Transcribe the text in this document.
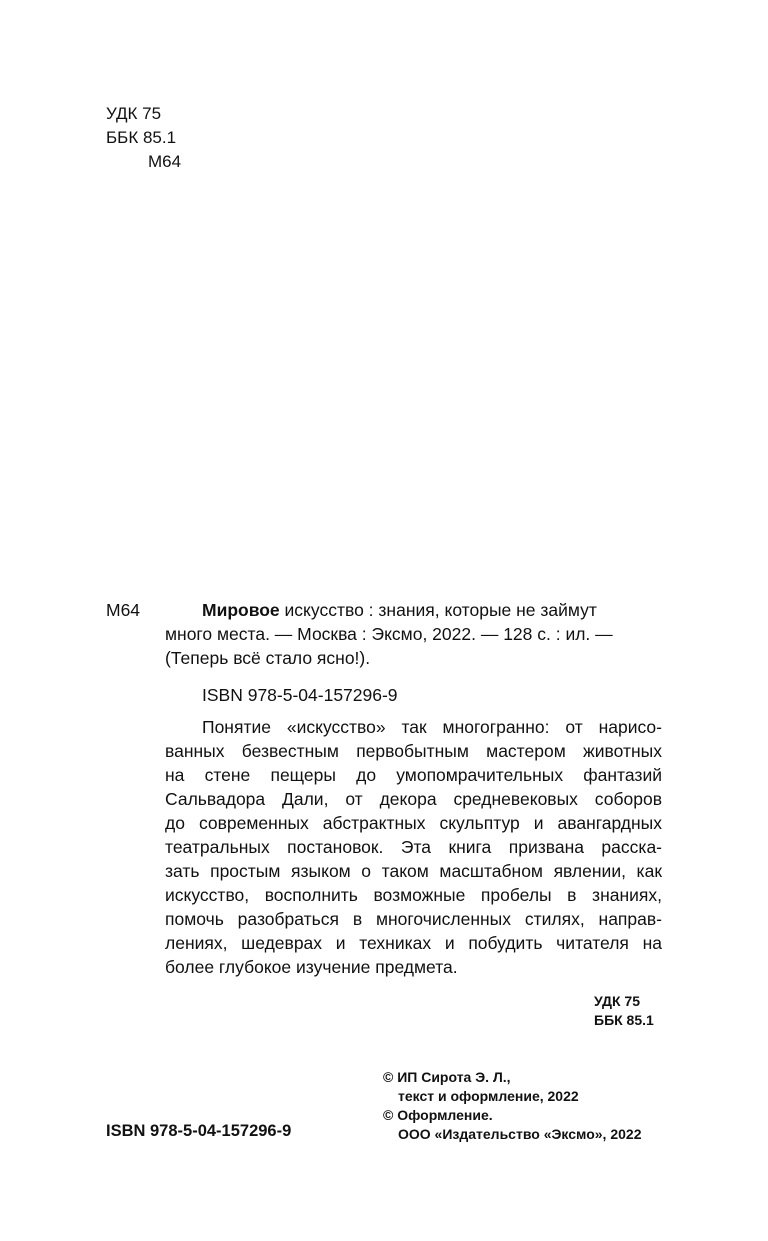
УДК 75
ББК 85.1
М64
М64	Мировое искусство : знания, которые не займут
много места. — Москва : Эксмо, 2022. — 128 с. : ил. —
(Теперь всё стало ясно!).
ISBN 978-5-04-157296-9
Понятие «искусство» так многогранно: от нарисо-
ванных безвестным первобытным мастером животных
на стене пещеры до умопомрачительных фантазий
Сальвадора Дали, от декора средневековых соборов
до современных абстрактных скульптур и авангардных
театральных постановок. Эта книга призвана расска-
зать простым языком о таком масштабном явлении, как
искусство, восполнить возможные пробелы в знаниях,
помочь разобраться в многочисленных стилях, направ-
лениях, шедеврах и техниках и побудить читателя на
более глубокое изучение предмета.
УДК 75
ББК 85.1
© ИП Сирота Э. Л.,
текст и оформление, 2022
© Оформление.
ООО «Издательство «Эксмо», 2022
ISBN 978-5-04-157296-9
